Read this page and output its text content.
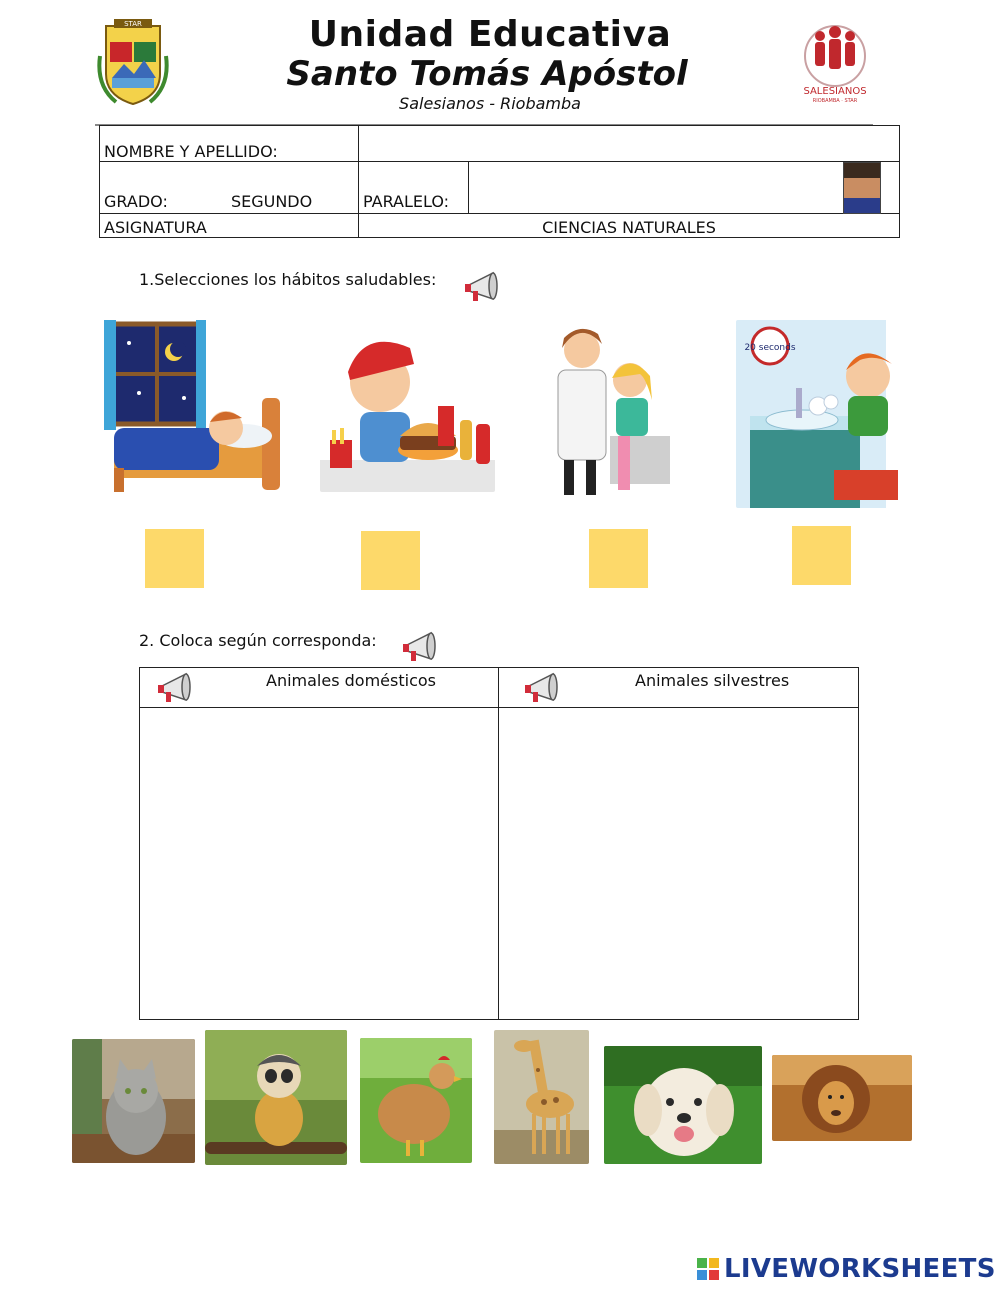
STAR	Unidad Educativa
Santo Tomás Apóstol
Salesianos - Riobamba
SALESIANOS
RIOBAMBA · STAR
NOMBRE Y APELLIDO:		
GRADO: SEGUNDO	PARALELO:	
ASIGNATURA	CIENCIAS NATURALES	
1.Selecciones los hábitos saludables:
20 seconds
2. Coloca según corresponda:
Animales domésticos	Animales silvestres
LIVEWORKSHEETS
